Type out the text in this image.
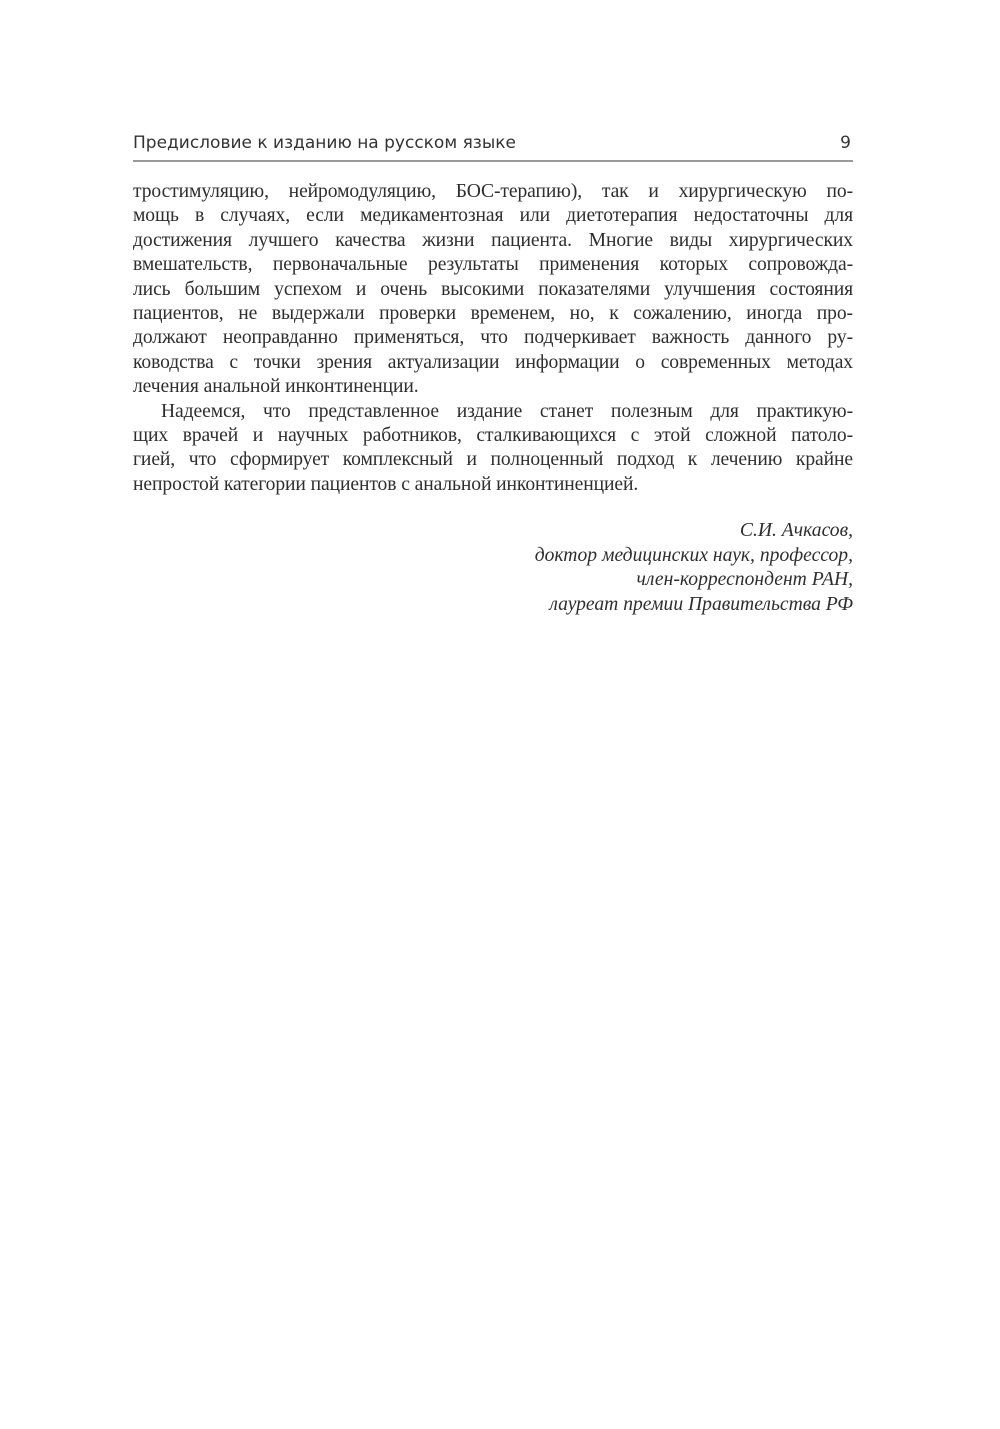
Предисловие к изданию на русском языке	9
тростимуляцию, нейромодуляцию, БОС-терапию), так и хирургическую по-
мощь в случаях, если медикаментозная или диетотерапия недостаточны для
достижения лучшего качества жизни пациента. Многие виды хирургических
вмешательств, первоначальные результаты применения которых сопровожда-
лись большим успехом и очень высокими показателями улучшения состояния
пациентов, не выдержали проверки временем, но, к сожалению, иногда про-
должают неоправданно применяться, что подчеркивает важность данного ру-
ководства с точки зрения актуализации информации о современных методах
лечения анальной инконтиненции.
Надеемся, что представленное издание станет полезным для практикую-
щих врачей и научных работников, сталкивающихся с этой сложной патоло-
гией, что сформирует комплексный и полноценный подход к лечению крайне
непростой категории пациентов с анальной инконтиненцией.
С.И. Ачкасов,
доктор медицинских наук, профессор,
член-корреспондент РАН,
лауреат премии Правительства РФ
